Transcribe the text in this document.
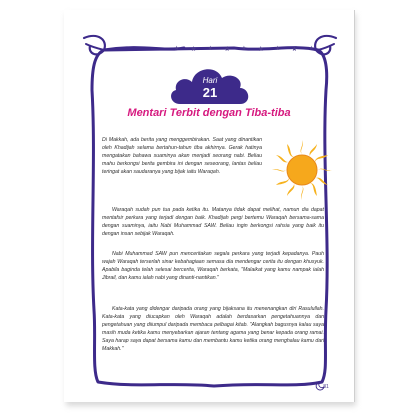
★ ★ ★ ★ ★ ★ ★ ★ ★
Hari
21
Mentari Terbit dengan Tiba-tiba

Di Makkah, ada berita yang menggembirakan. Saat yang dinantikan oleh Khadijah selama bertahun-tahun tiba akhirnya. Gerak hatinya mengatakan bahawa suaminya akan menjadi seorang nabi. Beliau mahu berkongsi berita gembira ini dengan seseorang, lantas beliau teringat akan saudaranya yang bijak iaitu Waraqah.

Waraqah sudah pun tua pada ketika itu. Matanya tidak dapat melihat, namun dia dapat mentafsir perkara yang terjadi dengan baik. Khadijah pergi bertemu Waraqah bersama-sama dengan suaminya, iaitu Nabi Muhammad SAW. Beliau ingin berkongsi rahsia yang baik itu dengan insan sebijak Waraqah.

Nabi Muhammad SAW pun menceritakan segala perkara yang terjadi kepadanya. Pauh wajah Waraqah terserlah sinar kebahagiaan semasa dia mendengar cerita itu dengan khusyuk. Apabila baginda telah selesai bercerita, Waraqah berkata, "Malaikat yang kamu nampak ialah Jibrail, dan kamu ialah nabi yang dinanti-nantikan."

Kata-kata yang didengar daripada orang yang bijaksana itu menenangkan diri Rasulullah. Kata-kata yang diucapkan oleh Waraqah adalah berdasarkan pengetahuannya dan pengetahuan yang diiumpul daripada membaca pelbagai kitab. "Alangkah bagusnya kalau saya masih muda ketika kamu menyebarkan ajaran tentang agama yang benar kepada orang ramai. Saya harap saya dapat bersama kamu dan membantu kamu ketika orang menghalau kamu dari Makkah."

81
